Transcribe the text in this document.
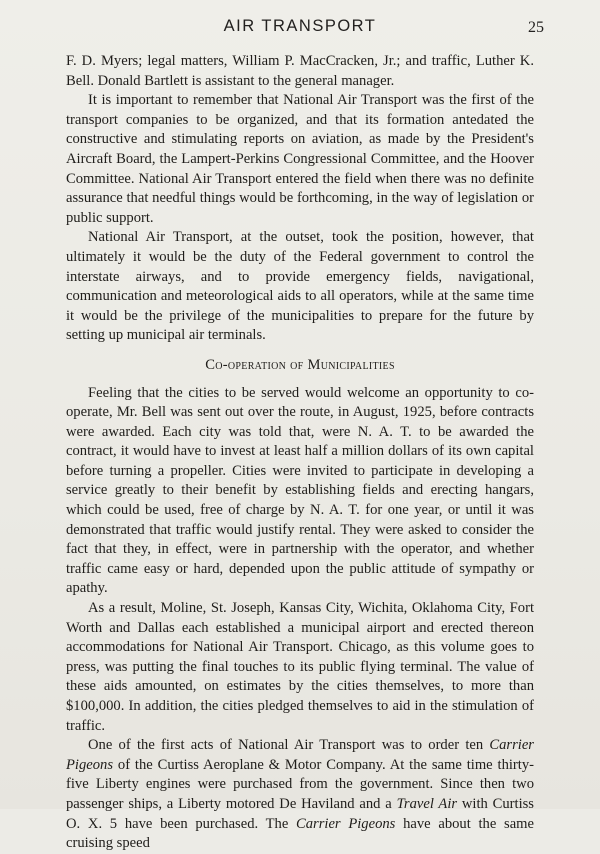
AIR TRANSPORT	25

F. D. Myers; legal matters, William P. MacCracken, Jr.; and traffic, Luther K. Bell. Donald Bartlett is assistant to the general manager.

It is important to remember that National Air Transport was the first of the transport companies to be organized, and that its formation antedated the constructive and stimulating reports on aviation, as made by the President's Aircraft Board, the Lampert-Perkins Congressional Committee, and the Hoover Committee. National Air Transport entered the field when there was no definite assurance that needful things would be forthcoming, in the way of legislation or public support.

National Air Transport, at the outset, took the position, however, that ultimately it would be the duty of the Federal government to control the interstate airways, and to provide emergency fields, navigational, communication and meteorological aids to all operators, while at the same time it would be the privilege of the municipalities to prepare for the future by setting up municipal air terminals.

Co-operation of Municipalities

Feeling that the cities to be served would welcome an opportunity to co-operate, Mr. Bell was sent out over the route, in August, 1925, before contracts were awarded. Each city was told that, were N. A. T. to be awarded the contract, it would have to invest at least half a million dollars of its own capital before turning a propeller. Cities were invited to participate in developing a service greatly to their benefit by establishing fields and erecting hangars, which could be used, free of charge by N. A. T. for one year, or until it was demonstrated that traffic would justify rental. They were asked to consider the fact that they, in effect, were in partnership with the operator, and whether traffic came easy or hard, depended upon the public attitude of sympathy or apathy.

As a result, Moline, St. Joseph, Kansas City, Wichita, Oklahoma City, Fort Worth and Dallas each established a municipal airport and erected thereon accommodations for National Air Transport. Chicago, as this volume goes to press, was putting the final touches to its public flying terminal. The value of these aids amounted, on estimates by the cities themselves, to more than $100,000. In addition, the cities pledged themselves to aid in the stimulation of traffic.

One of the first acts of National Air Transport was to order ten Carrier Pigeons of the Curtiss Aeroplane & Motor Company. At the same time thirty-five Liberty engines were purchased from the government. Since then two passenger ships, a Liberty motored De Haviland and a Travel Air with Curtiss O. X. 5 have been purchased. The Carrier Pigeons have about the same cruising speed
